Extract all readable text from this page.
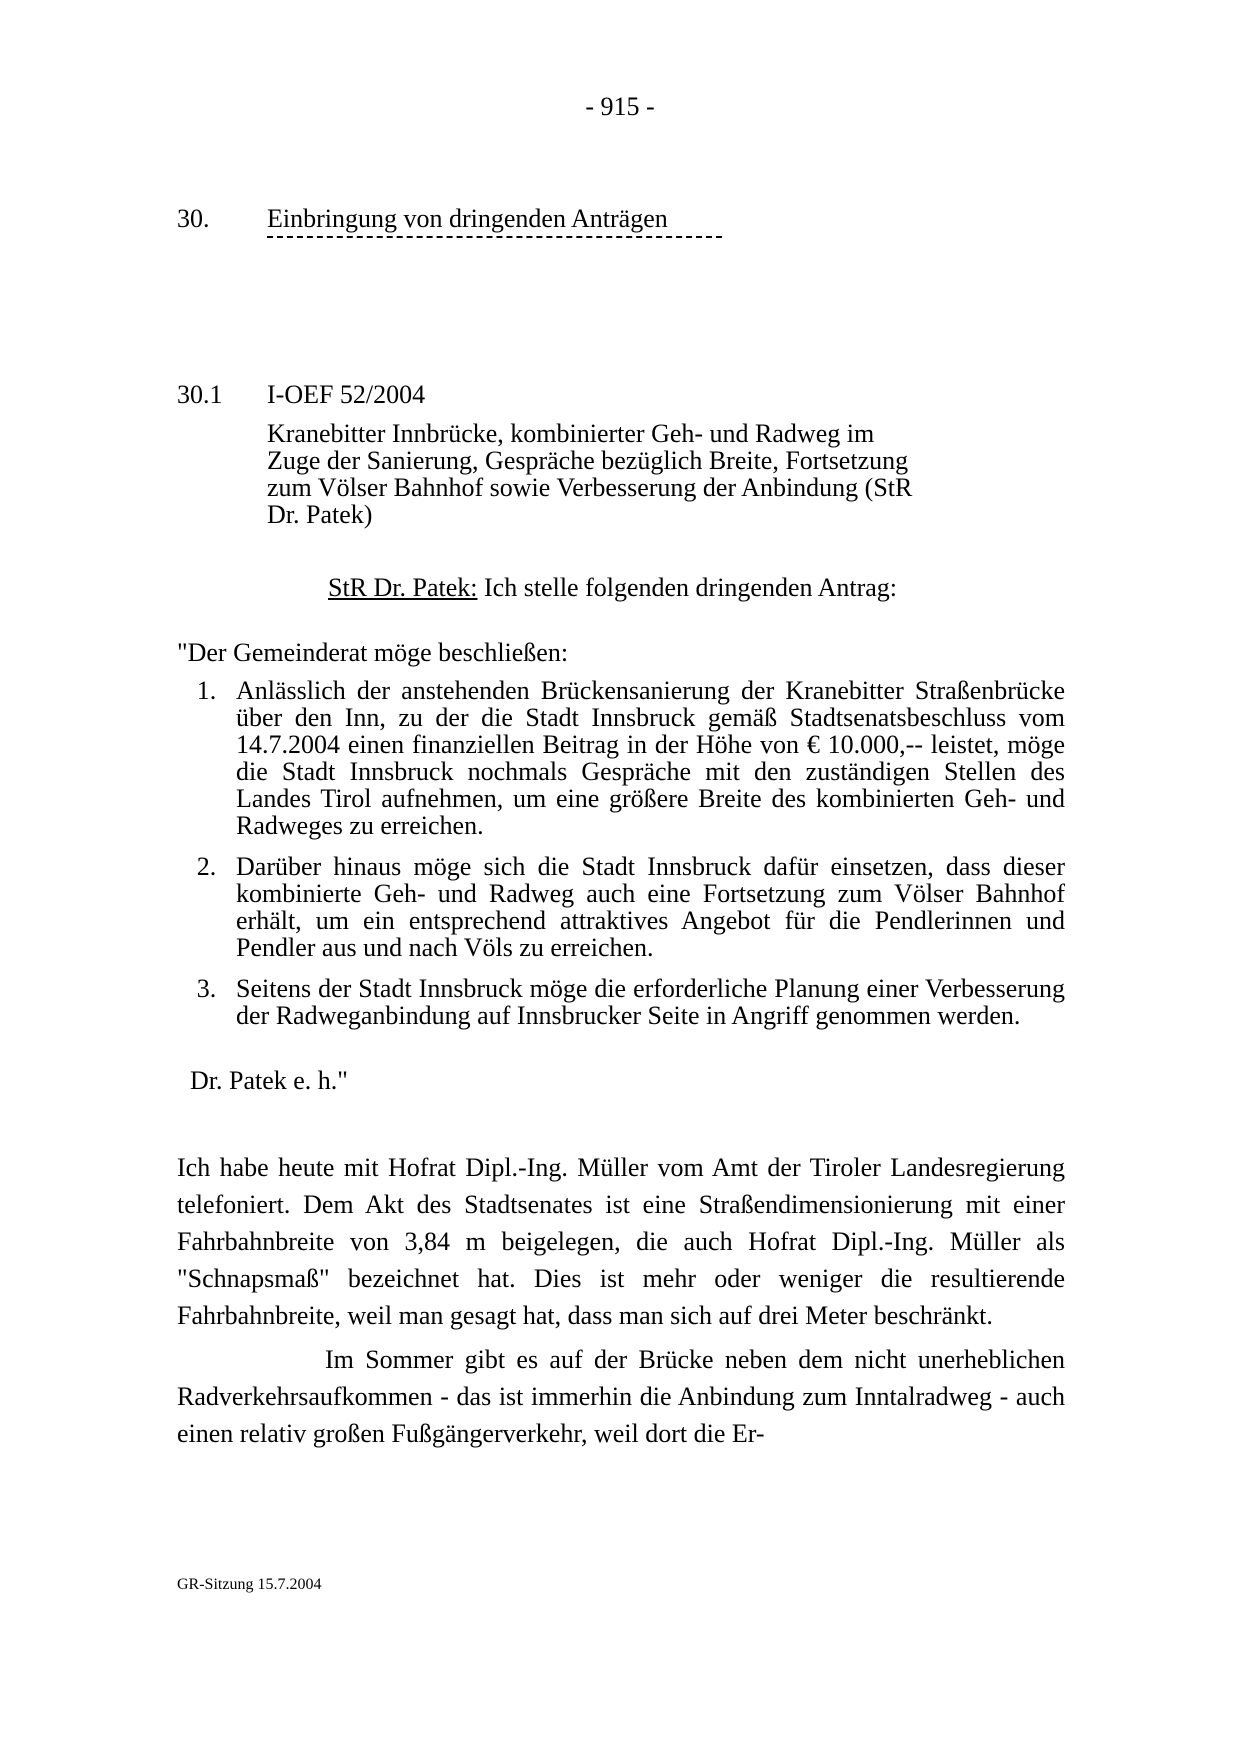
- 915 -
30. Einbringung von dringenden Anträgen
30.1 I-OEF 52/2004
Kranebitter Innbrücke, kombinierter Geh- und Radweg im Zuge der Sanierung, Gespräche bezüglich Breite, Fortsetzung zum Völser Bahnhof sowie Verbesserung der Anbindung (StR Dr. Patek)
StR Dr. Patek: Ich stelle folgenden dringenden Antrag:
"Der Gemeinderat möge beschließen:
1. Anlässlich der anstehenden Brückensanierung der Kranebitter Straßenbrücke über den Inn, zu der die Stadt Innsbruck gemäß Stadtsenatsbeschluss vom 14.7.2004 einen finanziellen Beitrag in der Höhe von € 10.000,-- leistet, möge die Stadt Innsbruck nochmals Gespräche mit den zuständigen Stellen des Landes Tirol aufnehmen, um eine größere Breite des kombinierten Geh- und Radweges zu erreichen.
2. Darüber hinaus möge sich die Stadt Innsbruck dafür einsetzen, dass dieser kombinierte Geh- und Radweg auch eine Fortsetzung zum Völser Bahnhof erhält, um ein entsprechend attraktives Angebot für die Pendlerinnen und Pendler aus und nach Völs zu erreichen.
3. Seitens der Stadt Innsbruck möge die erforderliche Planung einer Verbesserung der Radweganbindung auf Innsbrucker Seite in Angriff genommen werden.
Dr. Patek e. h."

Ich habe heute mit Hofrat Dipl.-Ing. Müller vom Amt der Tiroler Landesregierung telefoniert. Dem Akt des Stadtsenates ist eine Straßendimensionierung mit einer Fahrbahnbreite von 3,84 m beigelegen, die auch Hofrat Dipl.-Ing. Müller als "Schnapsmaß" bezeichnet hat. Dies ist mehr oder weniger die resultierende Fahrbahnbreite, weil man gesagt hat, dass man sich auf drei Meter beschränkt.

Im Sommer gibt es auf der Brücke neben dem nicht unerheblichen Radverkehrsaufkommen - das ist immerhin die Anbindung zum Inntalradweg - auch einen relativ großen Fußgängerverkehr, weil dort die Er-

GR-Sitzung 15.7.2004
